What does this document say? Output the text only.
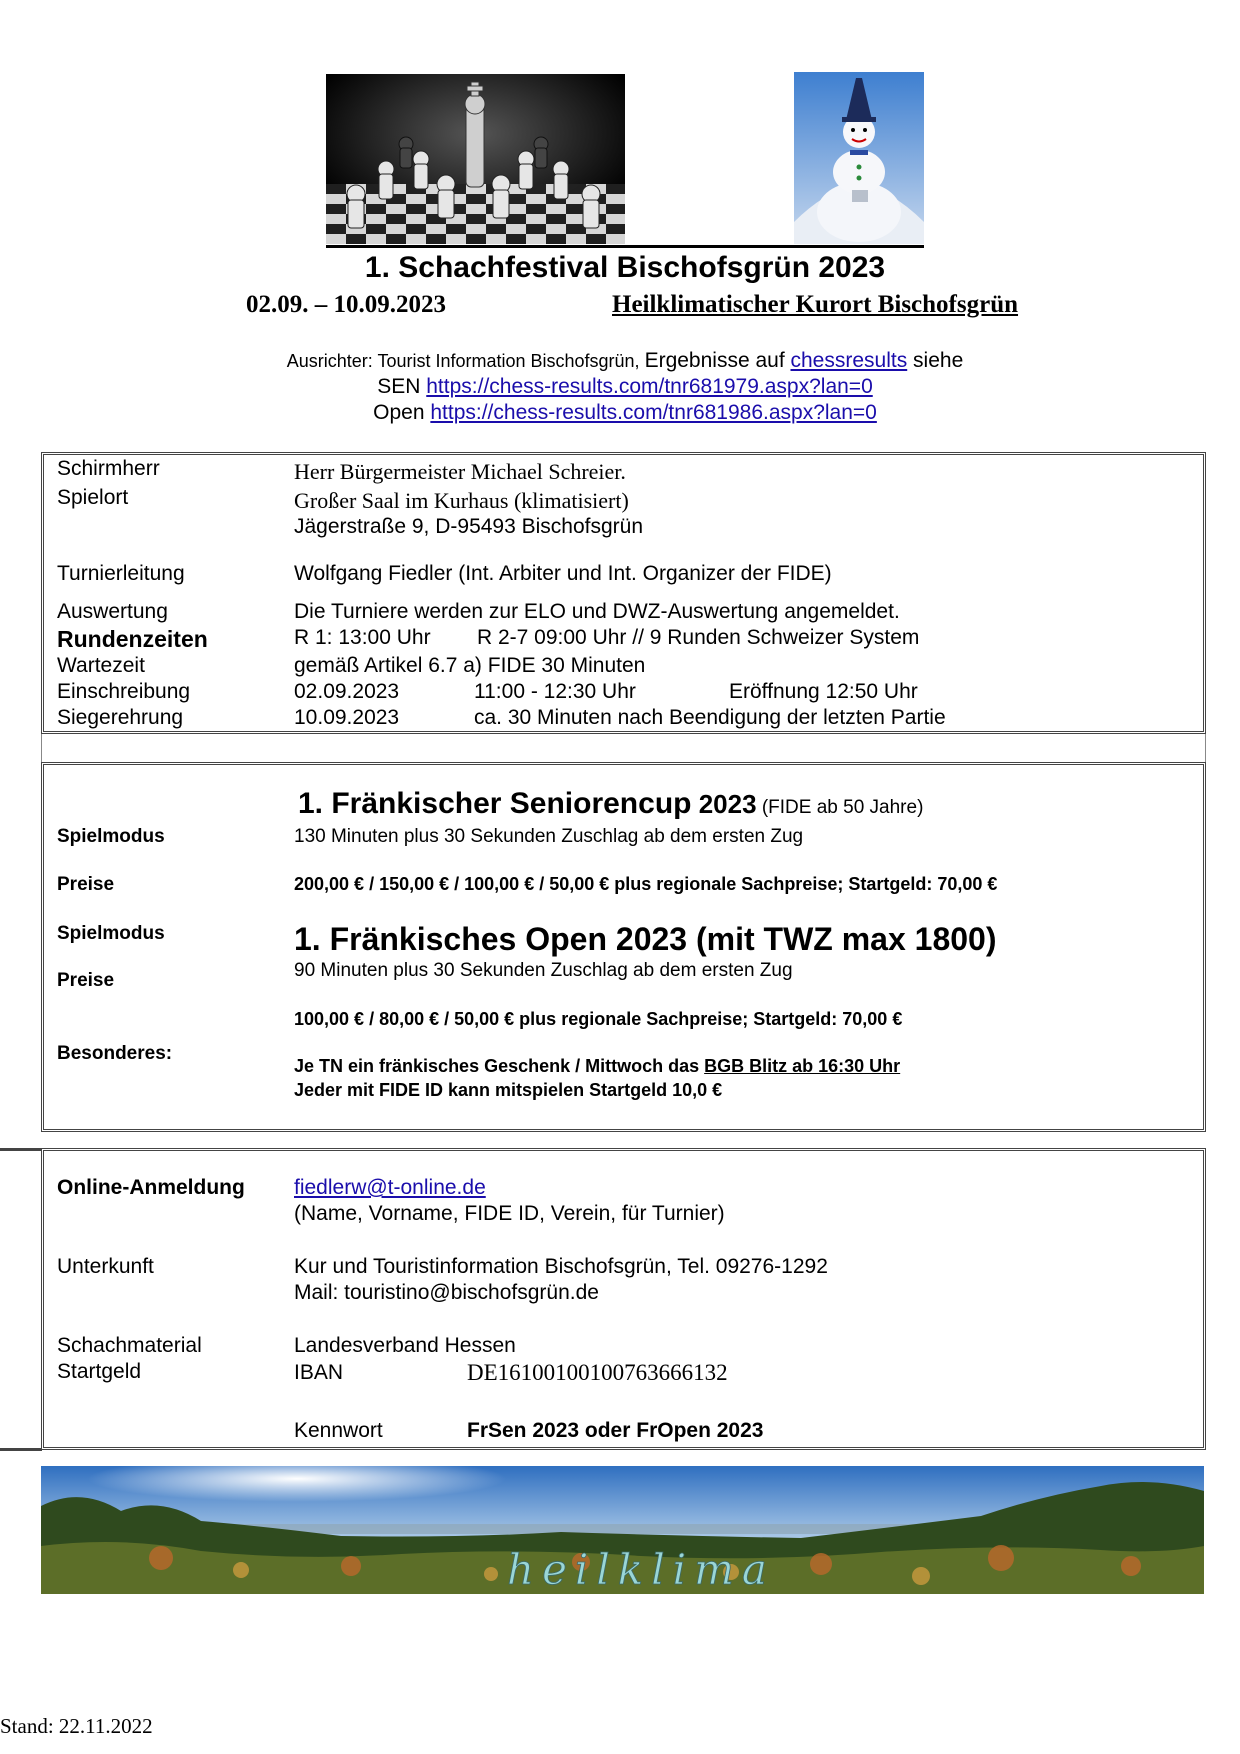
1. Schachfestival Bischofsgrün 2023
02.09. – 10.09.2023	Heilklimatischer Kurort Bischofsgrün
Ausrichter: Tourist Information Bischofsgrün, Ergebnisse auf chessresults siehe
SEN https://chess-results.com/tnr681979.aspx?lan=0
Open https://chess-results.com/tnr681986.aspx?lan=0
Schirmherr	Herr Bürgermeister Michael Schreier.
Spielort	Großer Saal im Kurhaus (klimatisiert)
Jägerstraße 9, D-95493 Bischofsgrün
Turnierleitung	Wolfgang Fiedler (Int. Arbiter und Int. Organizer der FIDE)
Auswertung	Die Turniere werden zur ELO und DWZ-Auswertung angemeldet.
Rundenzeiten	R 1: 13:00 Uhr R 2-7 09:00 Uhr // 9 Runden Schweizer System
Wartezeit	gemäß Artikel 6.7 a) FIDE 30 Minuten
Einschreibung	02.09.2023	11:00 - 12:30 Uhr	Eröffnung 12:50 Uhr
Siegerehrung	10.09.2023	ca. 30 Minuten nach Beendigung der letzten Partie
1. Fränkischer Seniorencup 2023 (FIDE ab 50 Jahre)
Spielmodus	130 Minuten plus 30 Sekunden Zuschlag ab dem ersten Zug
Preise	200,00 € / 150,00 € / 100,00 € / 50,00 € plus regionale Sachpreise; Startgeld: 70,00 €
Spielmodus	1. Fränkisches Open 2023 (mit TWZ max 1800)
90 Minuten plus 30 Sekunden Zuschlag ab dem ersten Zug
Preise
100,00 € / 80,00 € / 50,00 € plus regionale Sachpreise; Startgeld: 70,00 €
Besonderes:
Je TN ein fränkisches Geschenk / Mittwoch das BGB Blitz ab 16:30 Uhr
Jeder mit FIDE ID kann mitspielen Startgeld 10,0 €
Online-Anmeldung fiedlerw@t-online.de
(Name, Vorname, FIDE ID, Verein, für Turnier)
Unterkunft	Kur und Touristinformation Bischofsgrün, Tel. 09276-1292
Mail: touristino@bischofsgrün.de
Schachmaterial	Landesverband Hessen
Startgeld	IBAN	DE16100100100763666132
Kennwort	FrSen 2023 oder FrOpen 2023
heilklima
Stand: 22.11.2022
